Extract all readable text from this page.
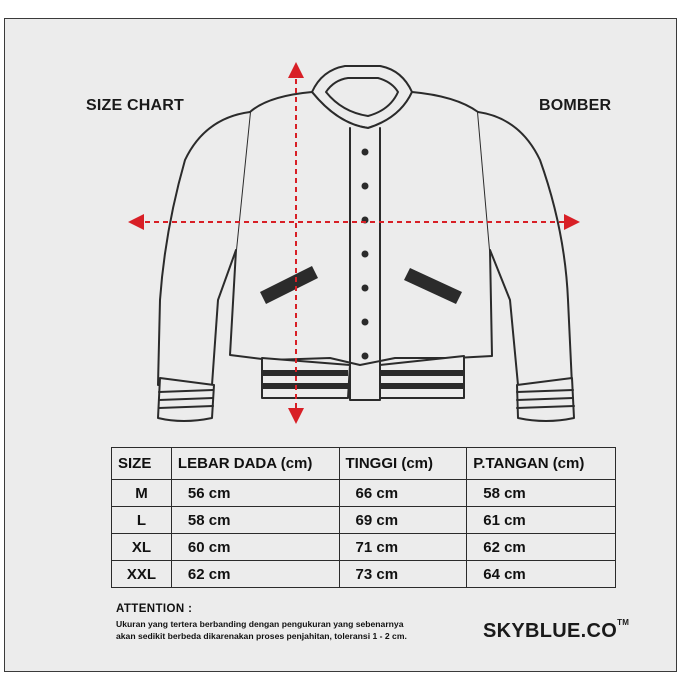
SIZE CHART	BOMBER
SIZE	LEBAR DADA (cm)	TINGGI (cm)	P.TANGAN (cm)
M	56 cm	66 cm	58 cm
L	58 cm	69 cm	61 cm
XL	60 cm	71 cm	62 cm
XXL	62 cm	73 cm	64 cm
ATTENTION :
Ukuran yang tertera berbanding dengan pengukuran yang sebenarnya
akan sedikit berbeda dikarenakan proses penjahitan, toleransi 1 - 2 cm.	SKYBLUE.CO™
